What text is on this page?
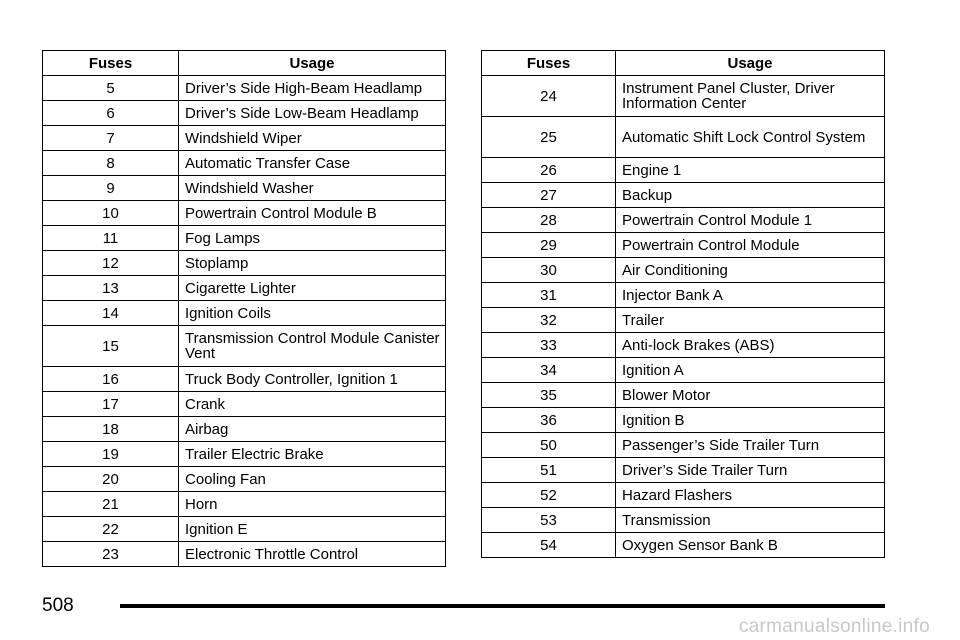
Fuses	Usage
5	Driver’s Side High-Beam Headlamp
6	Driver’s Side Low-Beam Headlamp
7	Windshield Wiper
8	Automatic Transfer Case
9	Windshield Washer
10	Powertrain Control Module B
11	Fog Lamps
12	Stoplamp
13	Cigarette Lighter
14	Ignition Coils
15	Transmission Control Module Canister Vent
16	Truck Body Controller, Ignition 1
17	Crank
18	Airbag
19	Trailer Electric Brake
20	Cooling Fan
21	Horn
22	Ignition E
23	Electronic Throttle Control
Fuses	Usage
24	Instrument Panel Cluster, Driver Information Center
25	Automatic Shift Lock Control System
26	Engine 1
27	Backup
28	Powertrain Control Module 1
29	Powertrain Control Module
30	Air Conditioning
31	Injector Bank A
32	Trailer
33	Anti-lock Brakes (ABS)
34	Ignition A
35	Blower Motor
36	Ignition B
50	Passenger’s Side Trailer Turn
51	Driver’s Side Trailer Turn
52	Hazard Flashers
53	Transmission
54	Oxygen Sensor Bank B
508
carmanualsonline.info
